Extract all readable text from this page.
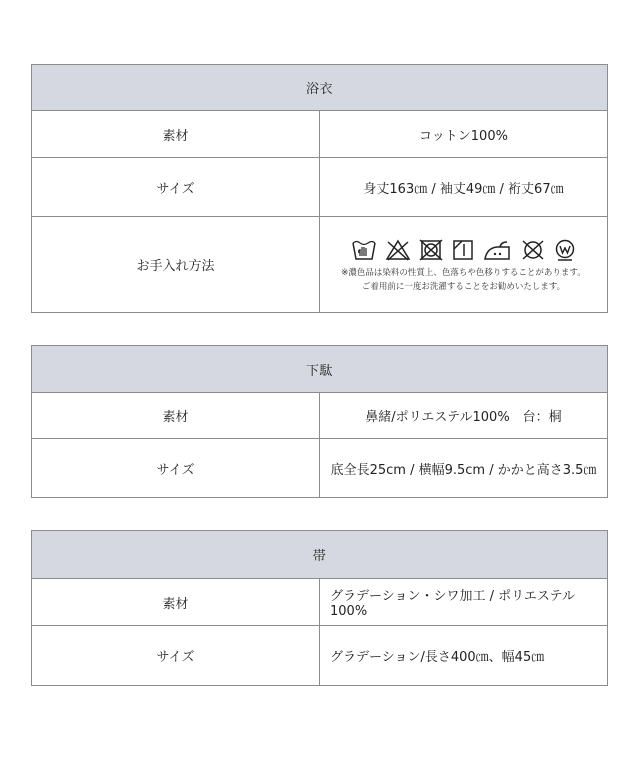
浴衣	
素材	コットン100%
サイズ	身丈163㎝ / 袖丈49㎝ / 裄丈67㎝
お手入れ方法	※濃色品は染料の性質上、色落ちや色移りすることがあります。
ご着用前に一度お洗濯することをお勧めいたします。
下駄	
素材	鼻緒/ポリエステル100%　台：桐
サイズ	底全長25cm / 横幅9.5cm / かかと高さ3.5㎝
帯	
素材	グラデーション・シワ加工 / ポリエステル100%
サイズ	グラデーション/長さ400㎝、幅45㎝
